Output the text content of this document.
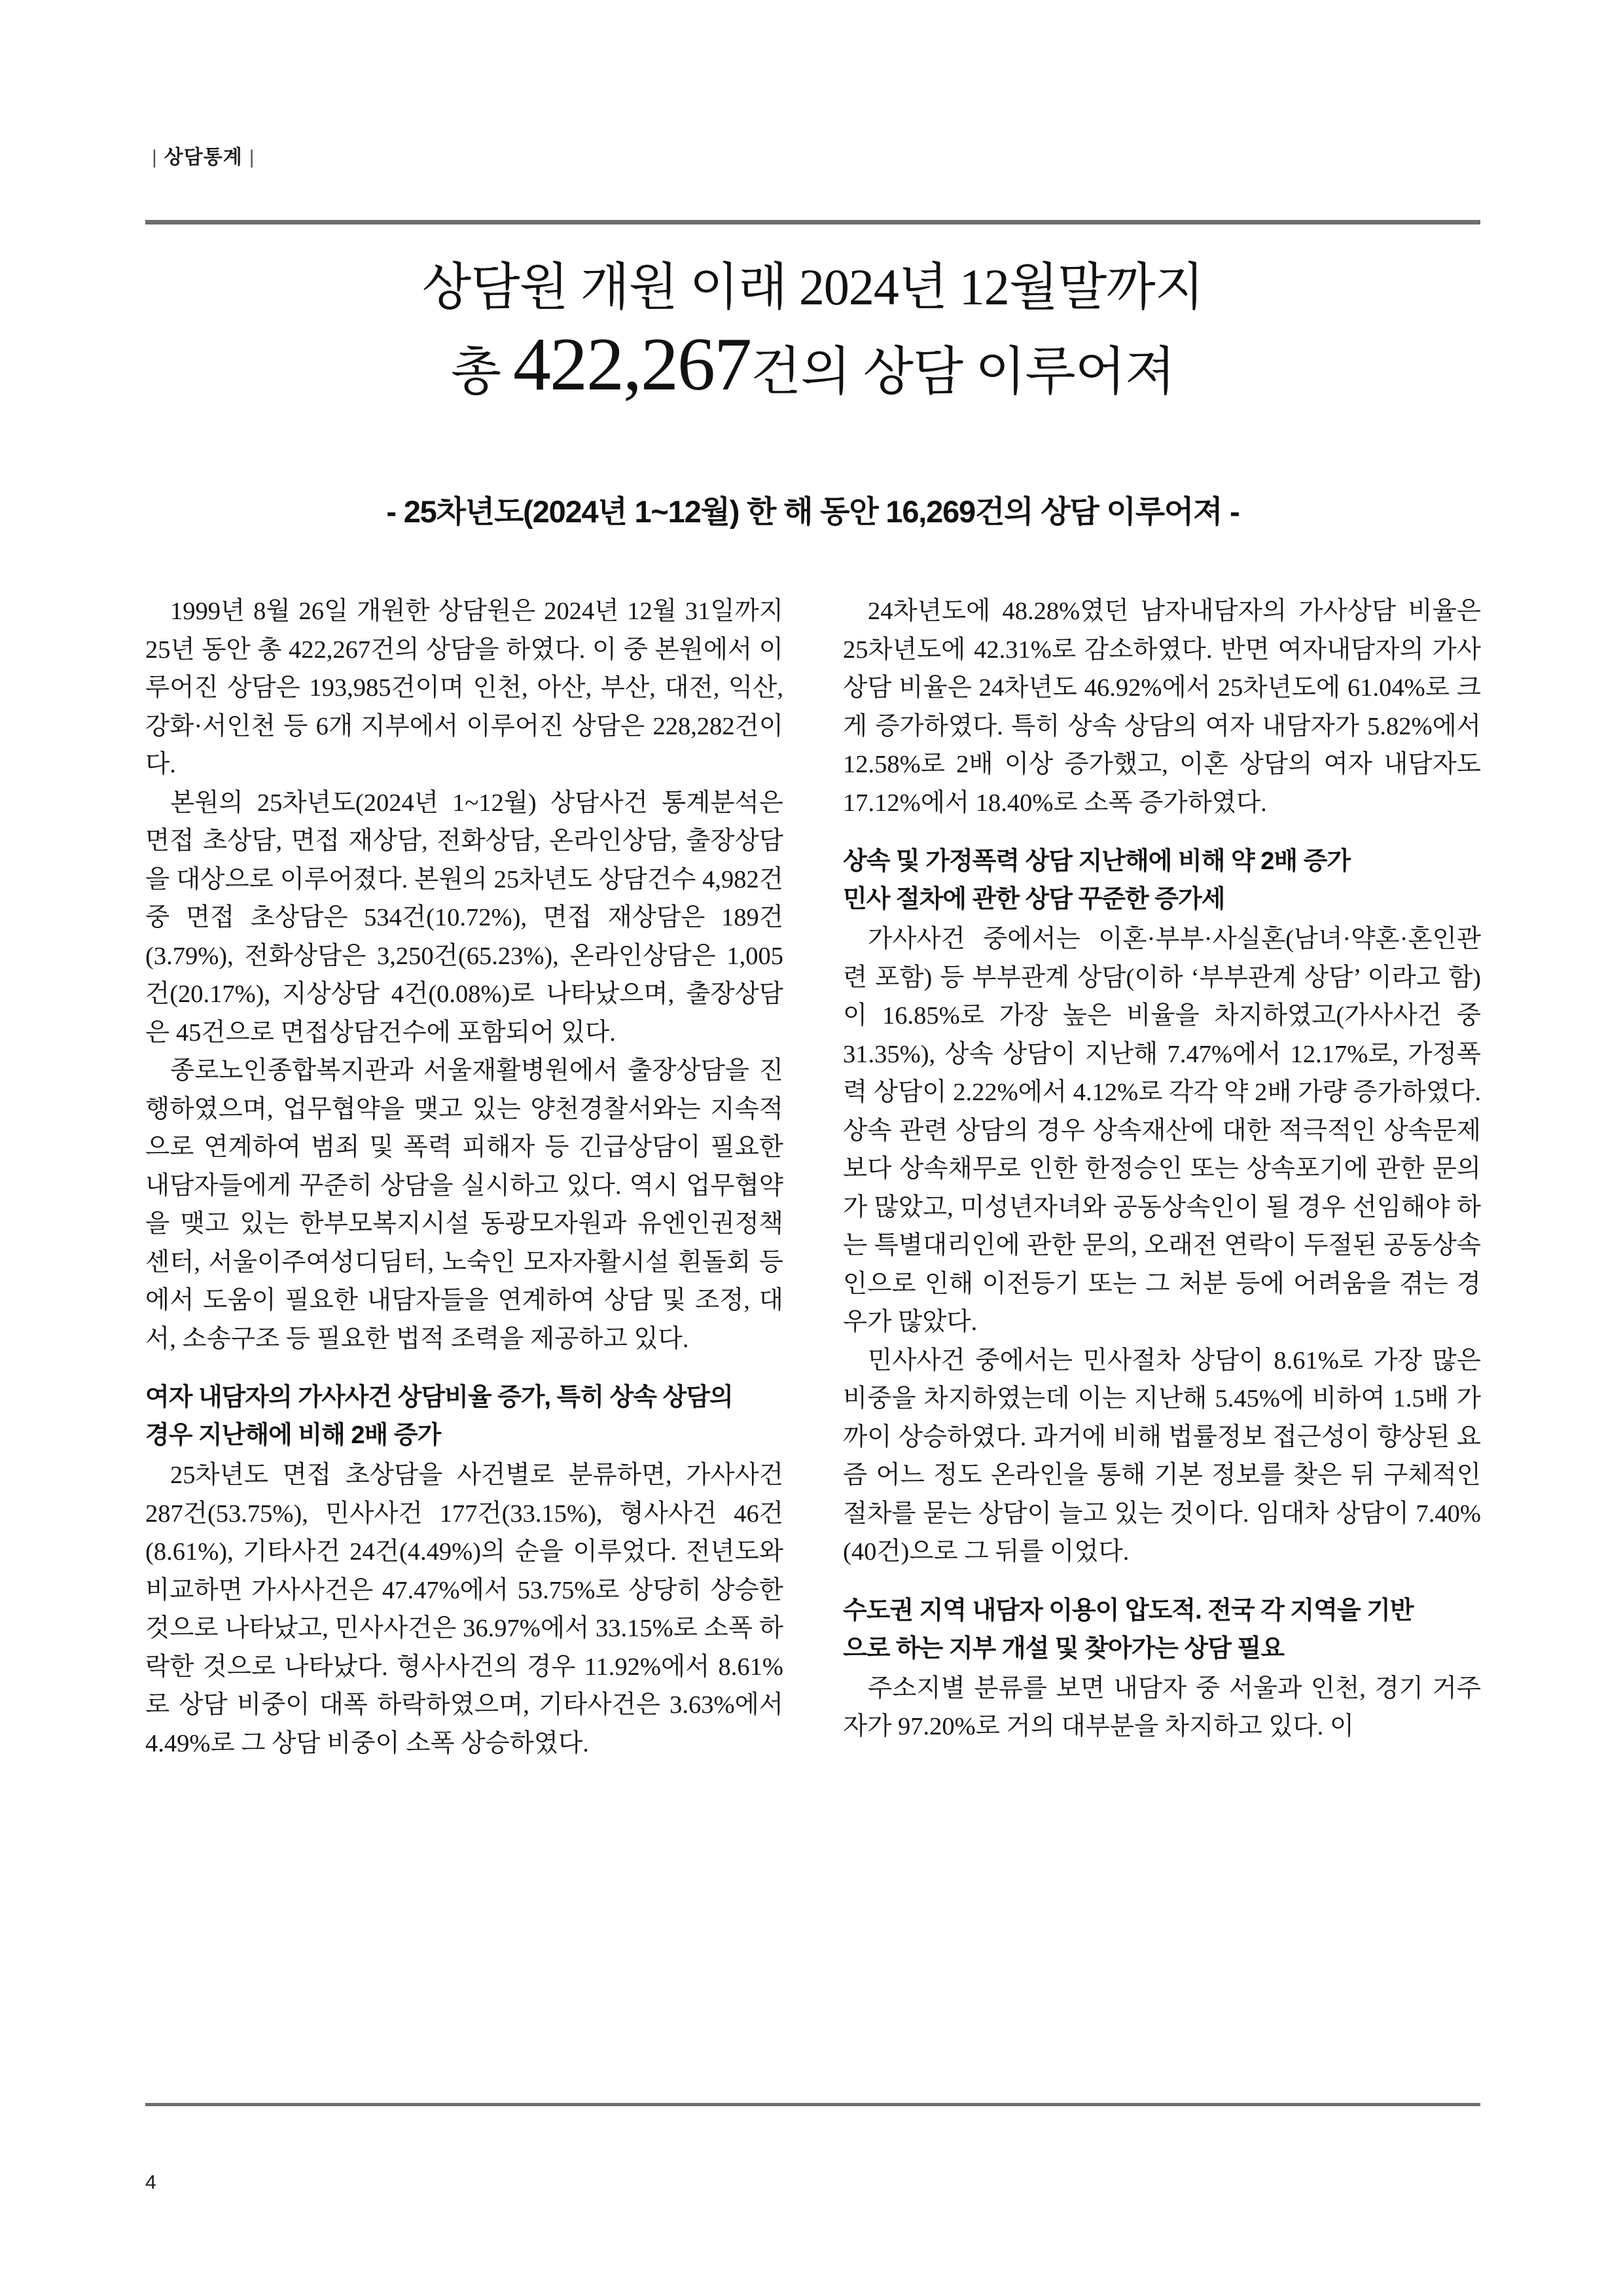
| 상담통계 |
상담원 개원 이래 2024년 12월말까지
총 422,267건의 상담 이루어져
- 25차년도(2024년 1~12월) 한 해 동안 16,269건의 상담 이루어져 -

1999년 8월 26일 개원한 상담원은 2024년 12월 31일까지 25년 동안 총 422,267건의 상담을 하였다. 이 중 본원에서 이루어진 상담은 193,985건이며 인천, 아산, 부산, 대전, 익산, 강화·서인천 등 6개 지부에서 이루어진 상담은 228,282건이다.

본원의 25차년도(2024년 1~12월) 상담사건 통계분석은 면접 초상담, 면접 재상담, 전화상담, 온라인상담, 출장상담 을 대상으로 이루어졌다. 본원의 25차년도 상담건수 4,982건 중 면접 초상담은 534건(10.72%), 면접 재상담은 189건(3.79%), 전화상담은 3,250건(65.23%), 온라인상담은 1,005건(20.17%), 지상상담 4건(0.08%)로 나타났으며, 출장상담은 45건으로 면접상담건수에 포함되어 있다.

종로노인종합복지관과 서울재활병원에서 출장상담을 진행하였으며, 업무협약을 맺고 있는 양천경찰서와는 지속적으로 연계하여 범죄 및 폭력 피해자 등 긴급상담이 필요한 내담자들에게 꾸준히 상담을 실시하고 있다. 역시 업무협약을 맺고 있는 한부모복지시설 동광모자원과 유엔인권정책센터, 서울이주여성디딤터, 노숙인 모자자활시설 흰돌회 등에서 도움이 필요한 내담자들을 연계하여 상담 및 조정, 대서, 소송구조 등 필요한 법적 조력을 제공하고 있다.

여자 내담자의 가사사건 상담비율 증가, 특히 상속 상담의

경우 지난해에 비해 2배 증가

25차년도 면접 초상담을 사건별로 분류하면, 가사사건 287건(53.75%), 민사사건 177건(33.15%), 형사사건 46건(8.61%), 기타사건 24건(4.49%)의 순을 이루었다. 전년도와 비교하면 가사사건은 47.47%에서 53.75%로 상당히 상승한 것으로 나타났고, 민사사건은 36.97%에서 33.15%로 소폭 하락한 것으로 나타났다. 형사사건의 경우 11.92%에서 8.61%로 상담 비중이 대폭 하락하였으며, 기타사건은 3.63%에서 4.49%로 그 상담 비중이 소폭 상승하였다.

24차년도에 48.28%였던 남자내담자의 가사상담 비율은 25차년도에 42.31%로 감소하였다. 반면 여자내담자의 가사상담 비율은 24차년도 46.92%에서 25차년도에 61.04%로 크게 증가하였다. 특히 상속 상담의 여자 내담자가 5.82%에서 12.58%로 2배 이상 증가했고, 이혼 상담의 여자 내담자도 17.12%에서 18.40%로 소폭 증가하였다.

상속 및 가정폭력 상담 지난해에 비해 약 2배 증가

민사 절차에 관한 상담 꾸준한 증가세

가사사건 중에서는 이혼·부부·사실혼(남녀·약혼·혼인관련 포함) 등 부부관계 상담(이하 ‘부부관계 상담’ 이라고 함)이 16.85%로 가장 높은 비율을 차지하였고(가사사건 중 31.35%), 상속 상담이 지난해 7.47%에서 12.17%로, 가정폭력 상담이 2.22%에서 4.12%로 각각 약 2배 가량 증가하였다. 상속 관련 상담의 경우 상속재산에 대한 적극적인 상속문제보다 상속채무로 인한 한정승인 또는 상속포기에 관한 문의가 많았고, 미성년자녀와 공동상속인이 될 경우 선임해야 하는 특별대리인에 관한 문의, 오래전 연락이 두절된 공동상속인으로 인해 이전등기 또는 그 처분 등에 어려움을 겪는 경우가 많았다.

민사사건 중에서는 민사절차 상담이 8.61%로 가장 많은 비중을 차지하였는데 이는 지난해 5.45%에 비하여 1.5배 가까이 상승하였다. 과거에 비해 법률정보 접근성이 향상된 요즘 어느 정도 온라인을 통해 기본 정보를 찾은 뒤 구체적인 절차를 묻는 상담이 늘고 있는 것이다. 임대차 상담이 7.40%(40건)으로 그 뒤를 이었다.

수도권 지역 내담자 이용이 압도적. 전국 각 지역을 기반

으로 하는 지부 개설 및 찾아가는 상담 필요

주소지별 분류를 보면 내담자 중 서울과 인천, 경기 거주자가 97.20%로 거의 대부분을 차지하고 있다. 이

4
